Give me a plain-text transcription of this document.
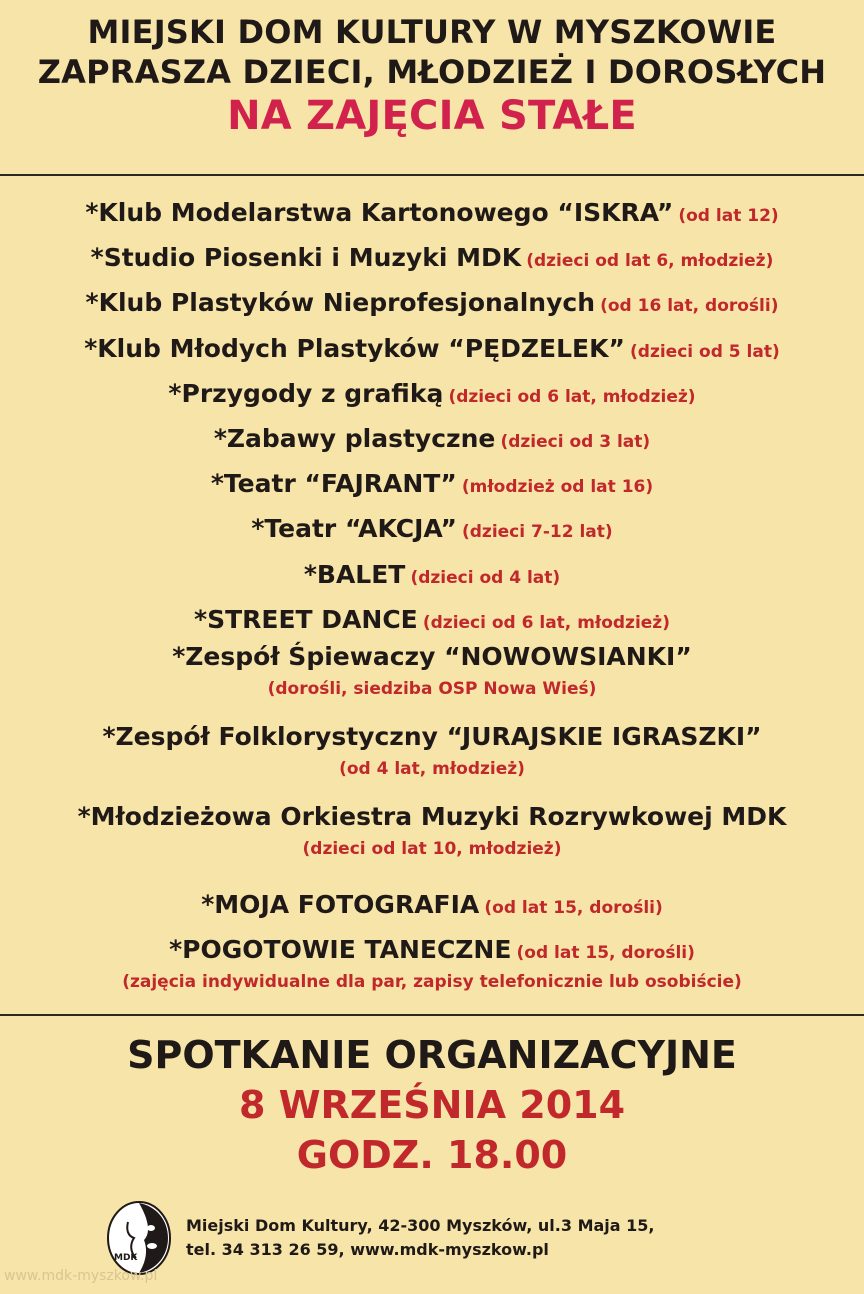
MIEJSKI DOM KULTURY W MYSZKOWIE
ZAPRASZA DZIECI, MŁODZIEŻ I DOROSŁYCH
NA ZAJĘCIA STAŁE
*Klub Modelarstwa Kartonowego “ISKRA” (od lat 12)
*Studio Piosenki i Muzyki MDK (dzieci od lat 6, młodzież)
*Klub Plastyków Nieprofesjonalnych (od 16 lat, dorośli)
*Klub Młodych Plastyków “PĘDZELEK” (dzieci od 5 lat)
*Przygody z grafiką (dzieci od 6 lat, młodzież)
*Zabawy plastyczne (dzieci od 3 lat)
*Teatr “FAJRANT” (młodzież od lat 16)
*Teatr “AKCJA” (dzieci 7-12 lat)
*BALET (dzieci od 4 lat)
*STREET DANCE (dzieci od 6 lat, młodzież)
*Zespół Śpiewaczy “NOWOWSIANKI”
(dorośli, siedziba OSP Nowa Wieś)
*Zespół Folklorystyczny “JURAJSKIE IGRASZKI”
(od 4 lat, młodzież)
*Młodzieżowa Orkiestra Muzyki Rozrywkowej MDK
(dzieci od lat 10, młodzież)
*MOJA FOTOGRAFIA (od lat 15, dorośli)
*POGOTOWIE TANECZNE (od lat 15, dorośli)
(zajęcia indywidualne dla par, zapisy telefonicznie lub osobiście)
SPOTKANIE ORGANIZACYJNE
8 WRZEŚNIA 2014
GODZ. 18.00
MDK
Miejski Dom Kultury, 42-300 Myszków, ul.3 Maja 15,
tel. 34 313 26 59, www.mdk-myszkow.pl
www.mdk-myszkow.pl
